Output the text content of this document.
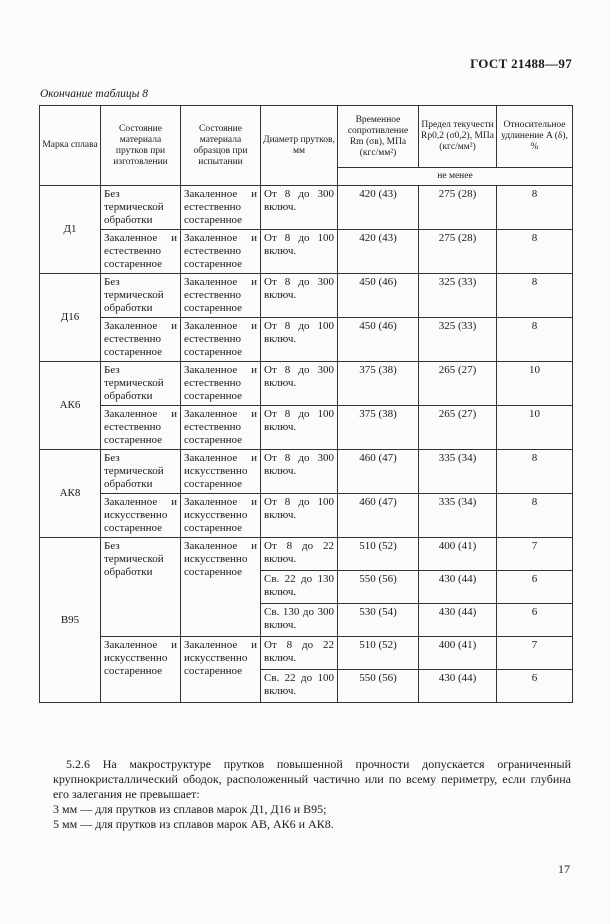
ГОСТ 21488—97
Окончание таблицы 8
Марка сплава	Состояние материала прутков при изготовлении	Состояние материала образцов при испытании	Диаметр прутков, мм	Временное сопротивление Rm (σв), МПа (кгс/мм²)	Предел текучести Rp0,2 (σ0,2), МПа (кгс/мм²)	Относительное удлинение A (δ), %
				не менее		
Д1	Без термической обработки	Закаленное и естественно состаренное	От 8 до 300 включ.	420 (43)	275 (28)	8
	Закаленное и естественно состаренное	Закаленное и естественно состаренное	От 8 до 100 включ.	420 (43)	275 (28)	8
Д16	Без термической обработки	Закаленное и естественно состаренное	От 8 до 300 включ.	450 (46)	325 (33)	8
	Закаленное и естественно состаренное	Закаленное и естественно состаренное	От 8 до 100 включ.	450 (46)	325 (33)	8
АК6	Без термической обработки	Закаленное и естественно состаренное	От 8 до 300 включ.	375 (38)	265 (27)	10
	Закаленное и естественно состаренное	Закаленное и естественно состаренное	От 8 до 100 включ.	375 (38)	265 (27)	10
АК8	Без термической обработки	Закаленное и искусственно состаренное	От 8 до 300 включ.	460 (47)	335 (34)	8
	Закаленное и искусственно состаренное	Закаленное и искусственно состаренное	От 8 до 100 включ.	460 (47)	335 (34)	8
В95	Без термической обработки	Закаленное и искусственно состаренное	От 8 до 22 включ.	510 (52)	400 (41)	7
			Св. 22 до 130 включ.	550 (56)	430 (44)	6
			Св. 130 до 300 включ.	530 (54)	430 (44)	6
	Закаленное и искусственно состаренное	Закаленное и искусственно состаренное	От 8 до 22 включ.	510 (52)	400 (41)	7
			Св. 22 до 100 включ.	550 (56)	430 (44)	6

5.2.6 На макроструктуре прутков повышенной прочности допускается ограниченный крупнокристаллический ободок, расположенный частично или по всему периметру, если глубина его залегания не превышает:

3 мм — для прутков из сплавов марок Д1, Д16 и В95;

5 мм — для прутков из сплавов марок АВ, АК6 и АК8.

17
